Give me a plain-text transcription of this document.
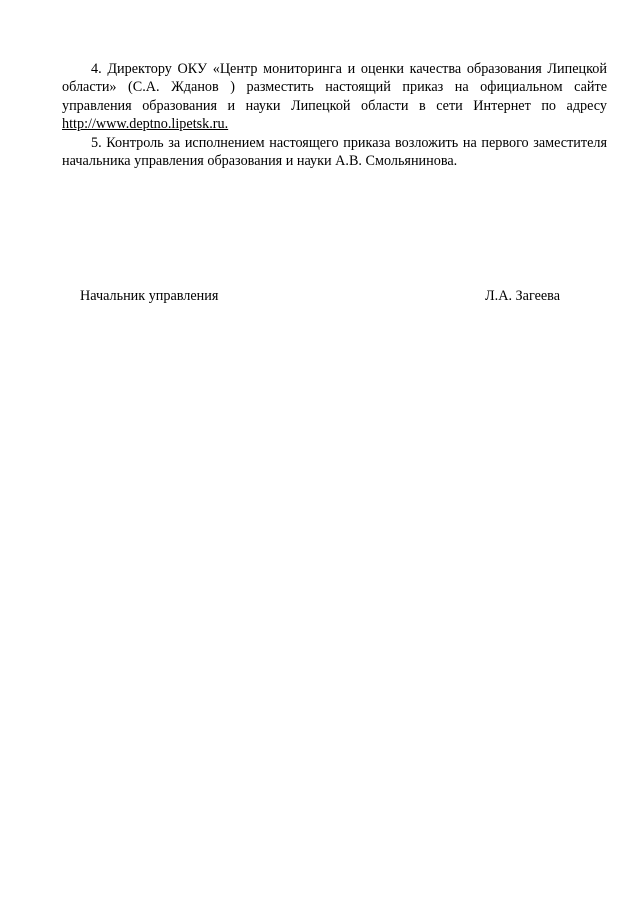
4. Директору ОКУ «Центр мониторинга и оценки качества образования Липецкой области» (С.А. Жданов ) разместить настоящий приказ на официальном сайте управления образования и науки Липецкой области в сети Интернет по адресу http://www.deptno.lipetsk.ru.

5. Контроль за исполнением настоящего приказа возложить на первого заместителя начальника управления образования и науки А.В. Смольянинова.

Начальник управления	Л.А. Загеева
